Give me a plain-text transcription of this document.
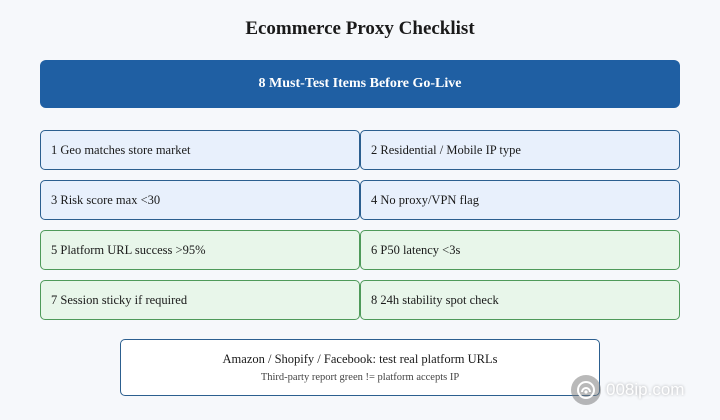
Ecommerce Proxy Checklist
8 Must-Test Items Before Go-Live
1 Geo matches store market	2 Residential / Mobile IP type
3 Risk score max <30	4 No proxy/VPN flag
5 Platform URL success >95%	6 P50 latency <3s
7 Session sticky if required	8 24h stability spot check
Amazon / Shopify / Facebook: test real platform URLs
Third-party report green != platform accepts IP
008ip.com
